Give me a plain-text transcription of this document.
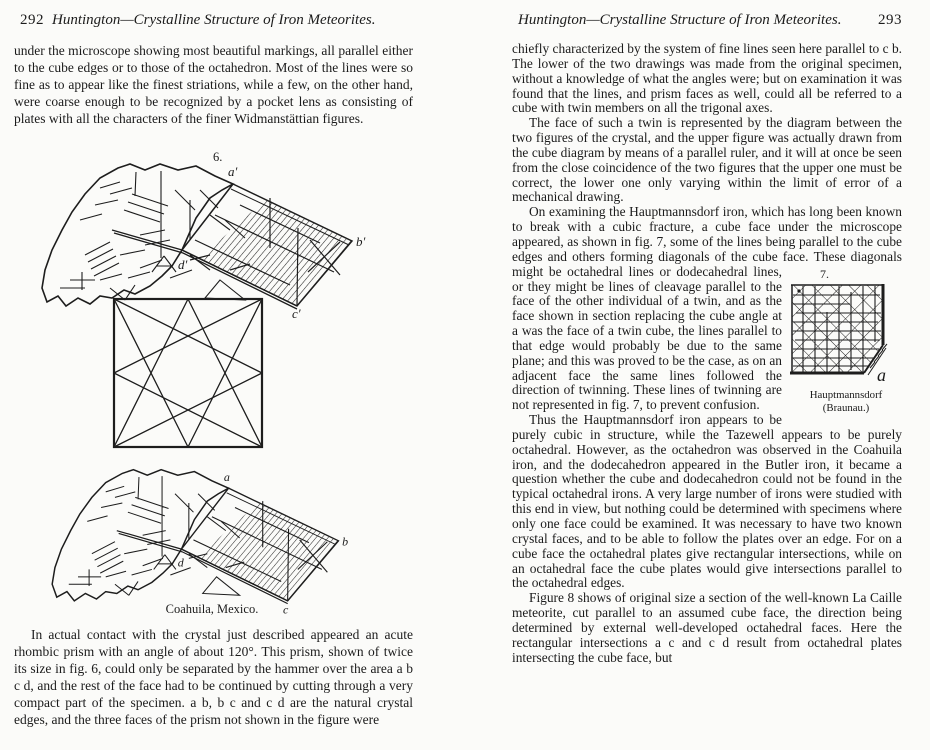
292 Huntington—Crystalline Structure of Iron Meteorites.

under the microscope showing most beautiful markings, all parallel either to the cube edges or to those of the octahedron. Most of the lines were so fine as to appear like the finest striations, while a few, on the other hand, were coarse enough to be recognized by a pocket lens as consisting of plates with all the characters of the finer Widmanstättian figures.

6.
a′
b′
c′
d′
a
b
c
d
Coahuila, Mexico.

In actual contact with the crystal just described appeared an acute rhombic prism with an angle of about 120°. This prism, shown of twice its size in fig. 6, could only be separated by the hammer over the area a b c d, and the rest of the face had to be continued by cutting through a very compact part of the specimen. a b, b c and c d are the natural crystal edges, and the three faces of the prism not shown in the figure were

Huntington—Crystalline Structure of Iron Meteorites. 293

chiefly characterized by the system of fine lines seen here parallel to c b. The lower of the two drawings was made from the original specimen, without a knowledge of what the angles were; but on examination it was found that the lines, and prism faces as well, could all be referred to a cube with twin members on all the trigonal axes.

The face of such a twin is represented by the diagram between the two figures of the crystal, and the upper figure was actually drawn from the cube diagram by means of a parallel ruler, and it will at once be seen from the close coincidence of the two figures that the upper one must be correct, the lower one only varying within the limit of error of a mechanical drawing.

On examining the Hauptmannsdorf iron, which has long been known to break with a cubic fracture, a cube face under the microscope appeared, as shown in fig. 7, some of the lines being parallel to the cube edges and others forming diagonals of the cube face.
7.
a
Hauptmannsdorf
(Braunau.)
These diagonals might be octahedral lines or dodecahedral lines, or they might be lines of cleavage parallel to the face of the other individual of a twin, and as the face shown in section replacing the cube angle at a was the face of a twin cube, the lines parallel to that edge would probably be due to the same plane; and this was proved to be the case, as on an adjacent face the same lines followed the direction of twinning. These lines of twinning are not represented in fig. 7, to prevent confusion.

Thus the Hauptmannsdorf iron appears to be purely cubic in structure, while the Tazewell appears to be purely octahedral. However, as the octahedron was observed in the Coahuila iron, and the dodecahedron appeared in the Butler iron, it became a question whether the cube and dodecahedron could not be found in the typical octahedral irons. A very large number of irons were studied with this end in view, but nothing could be determined with specimens where only one face could be examined. It was necessary to have two known crystal faces, and to be able to follow the plates over an edge. For on a cube face the octahedral plates give rectangular intersections, while on an octahedral face the cube plates would give intersections parallel to the octahedral edges.

Figure 8 shows of original size a section of the well-known La Caille meteorite, cut parallel to an assumed cube face, the direction being determined by external well-developed octahedral faces. Here the rectangular intersections a c and c d result from octahedral plates intersecting the cube face, but
